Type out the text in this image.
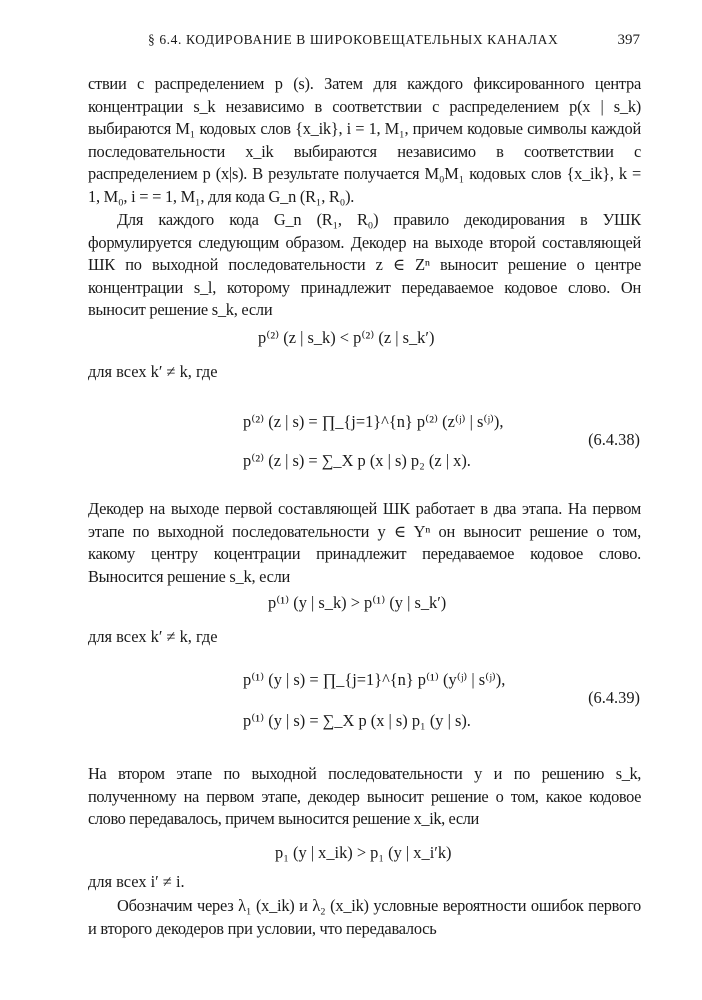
§ 6.4. КОДИРОВАНИЕ В ШИРОКОВЕЩАТЕЛЬНЫХ КАНАЛАХ	397
ствии с распределением p (s). Затем для каждого фиксированного центра концентрации s_k независимо в соответствии с распределением p(x | s_k) выбираются M₁ кодовых слов {x_ik}, i = 1, M₁, причем кодовые символы каждой последовательности x_ik выбираются независимо в соответствии с распределением p (x|s). В результате получается M₀M₁ кодовых слов {x_ik}, k = 1, M₀, i = = 1, M₁, для кода G_n (R₁, R₀).
Для каждого кода G_n (R₁, R₀) правило декодирования в УШК формулируется следующим образом. Декодер на выходе второй составляющей ШК по выходной последовательности z ∈ Zⁿ выносит решение о центре концентрации s_l, которому принадлежит передаваемое кодовое слово. Он выносит решение s_k, если
p⁽²⁾ (z | s_k) < p⁽²⁾ (z | s_k′)
для всех k′ ≠ k, где
p⁽²⁾ (z | s) = ∏_{j=1}^{n} p⁽²⁾ (z⁽ʲ⁾ | s⁽ʲ⁾),
p⁽²⁾ (z | s) = ∑_X p (x | s) p₂ (z | x).
(6.4.38)
Декодер на выходе первой составляющей ШК работает в два этапа. На первом этапе по выходной последовательности y ∈ Yⁿ он выносит решение о том, какому центру коцентрации принадлежит передаваемое кодовое слово. Выносится решение s_k, если
p⁽¹⁾ (y | s_k) > p⁽¹⁾ (y | s_k′)
для всех k′ ≠ k, где
p⁽¹⁾ (y | s) = ∏_{j=1}^{n} p⁽¹⁾ (y⁽ʲ⁾ | s⁽ʲ⁾),
p⁽¹⁾ (y | s) = ∑_X p (x | s) p₁ (y | s).
(6.4.39)
На втором этапе по выходной последовательности y и по решению s_k, полученному на первом этапе, декодер выносит решение о том, какое кодовое слово передавалось, причем выносится решение x_ik, если
p₁ (y | x_ik) > p₁ (y | x_i′k)
для всех i′ ≠ i.
Обозначим через λ₁ (x_ik) и λ₂ (x_ik) условные вероятности ошибок первого и второго декодеров при условии, что передавалось
